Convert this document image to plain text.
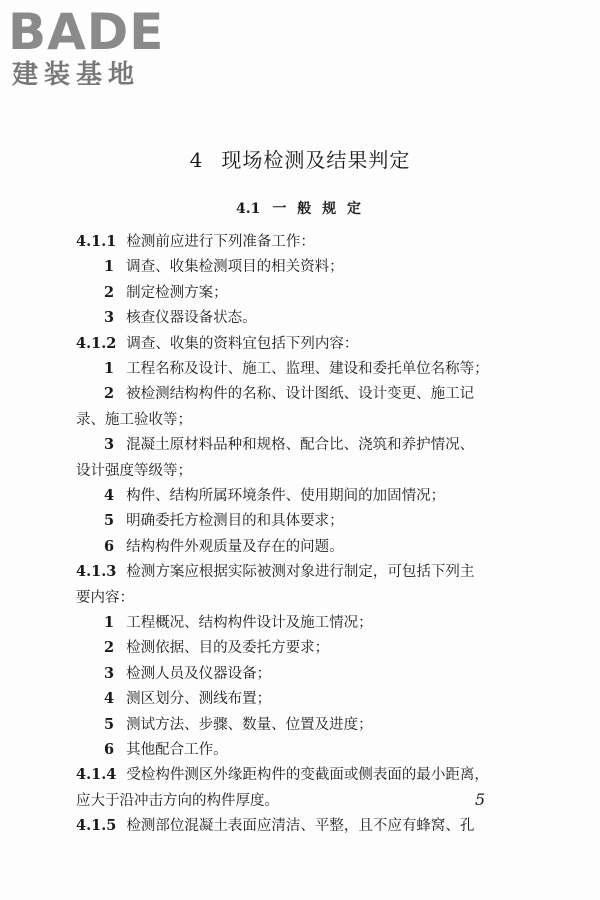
BADE
建装基地
4 现场检测及结果判定
4.1 一 般 规 定
4.1.1 检测前应进行下列准备工作：
1 调查、收集检测项目的相关资料；
2 制定检测方案；
3 核查仪器设备状态。
4.1.2 调查、收集的资料宜包括下列内容：
1 工程名称及设计、施工、监理、建设和委托单位名称等；
2 被检测结构构件的名称、设计图纸、设计变更、施工记
录、施工验收等；
3 混凝土原材料品种和规格、配合比、浇筑和养护情况、
设计强度等级等；
4 构件、结构所属环境条件、使用期间的加固情况；
5 明确委托方检测目的和具体要求；
6 结构构件外观质量及存在的问题。
4.1.3 检测方案应根据实际被测对象进行制定，可包括下列主
要内容：
1 工程概况、结构构件设计及施工情况；
2 检测依据、目的及委托方要求；
3 检测人员及仪器设备；
4 测区划分、测线布置；
5 测试方法、步骤、数量、位置及进度；
6 其他配合工作。
4.1.4 受检构件测区外缘距构件的变截面或侧表面的最小距离，
应大于沿冲击方向的构件厚度。
4.1.5 检测部位混凝土表面应清洁、平整，且不应有蜂窝、孔
5
